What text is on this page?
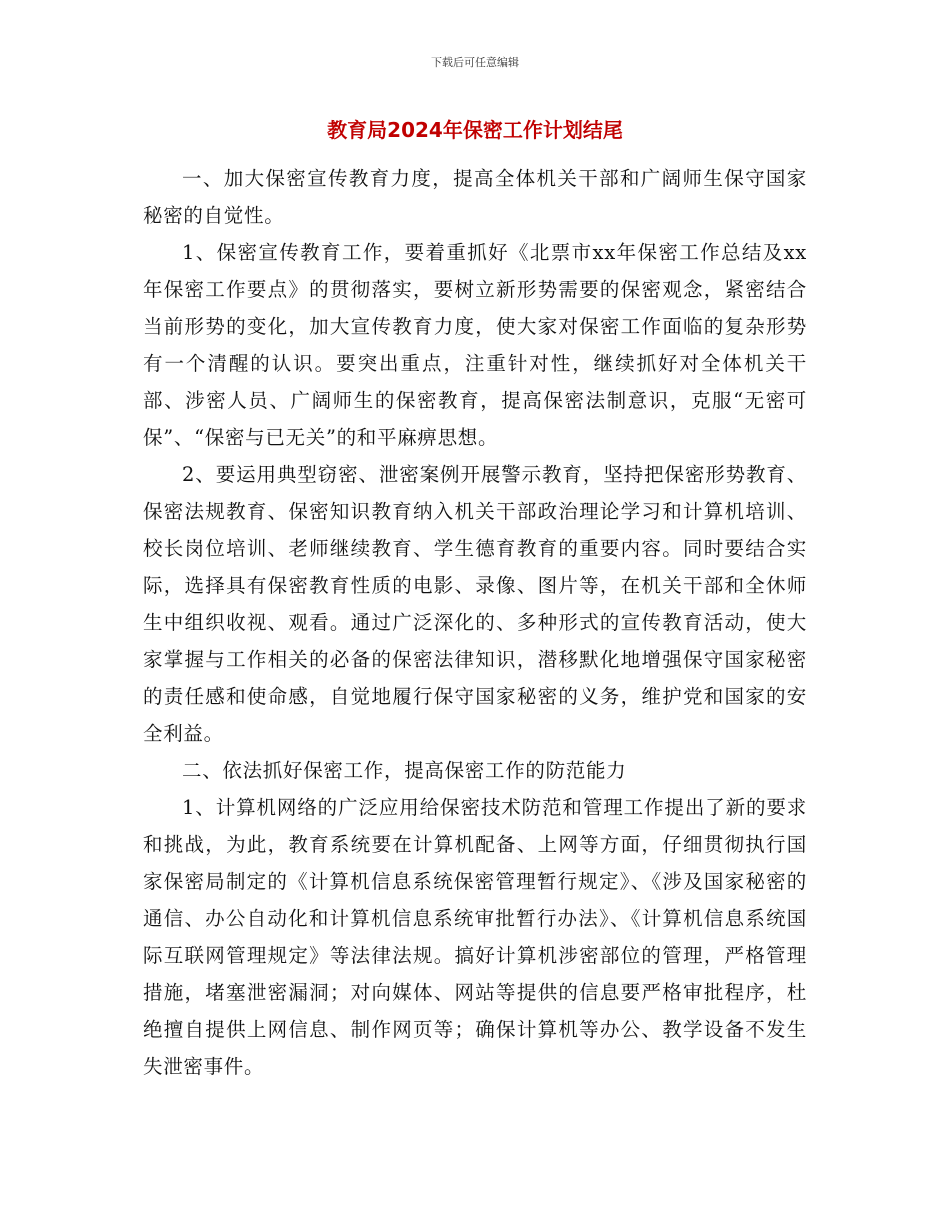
下载后可任意编辑
教育局2024年保密工作计划结尾

一、加大保密宣传教育力度，提高全体机关干部和广阔师生保守国家秘密的自觉性。

1、保密宣传教育工作，要着重抓好《北票市xx年保密工作总结及xx年保密工作要点》的贯彻落实，要树立新形势需要的保密观念，紧密结合当前形势的变化，加大宣传教育力度，使大家对保密工作面临的复杂形势有一个清醒的认识。要突出重点，注重针对性，继续抓好对全体机关干部、涉密人员、广阔师生的保密教育，提高保密法制意识，克服“无密可保”、“保密与已无关”的和平麻痹思想。

2、要运用典型窃密、泄密案例开展警示教育，坚持把保密形势教育、保密法规教育、保密知识教育纳入机关干部政治理论学习和计算机培训、校长岗位培训、老师继续教育、学生德育教育的重要内容。同时要结合实际，选择具有保密教育性质的电影、录像、图片等，在机关干部和全休师生中组织收视、观看。通过广泛深化的、多种形式的宣传教育活动，使大家掌握与工作相关的必备的保密法律知识，潜移默化地增强保守国家秘密的责任感和使命感，自觉地履行保守国家秘密的义务，维护党和国家的安全利益。

二、依法抓好保密工作，提高保密工作的防范能力

1、计算机网络的广泛应用给保密技术防范和管理工作提出了新的要求和挑战，为此，教育系统要在计算机配备、上网等方面，仔细贯彻执行国家保密局制定的《计算机信息系统保密管理暂行规定》、《涉及国家秘密的通信、办公自动化和计算机信息系统审批暂行办法》、《计算机信息系统国际互联网管理规定》等法律法规。搞好计算机涉密部位的管理，严格管理措施，堵塞泄密漏洞；对向媒体、网站等提供的信息要严格审批程序，杜绝擅自提供上网信息、制作网页等；确保计算机等办公、教学设备不发生失泄密事件。
